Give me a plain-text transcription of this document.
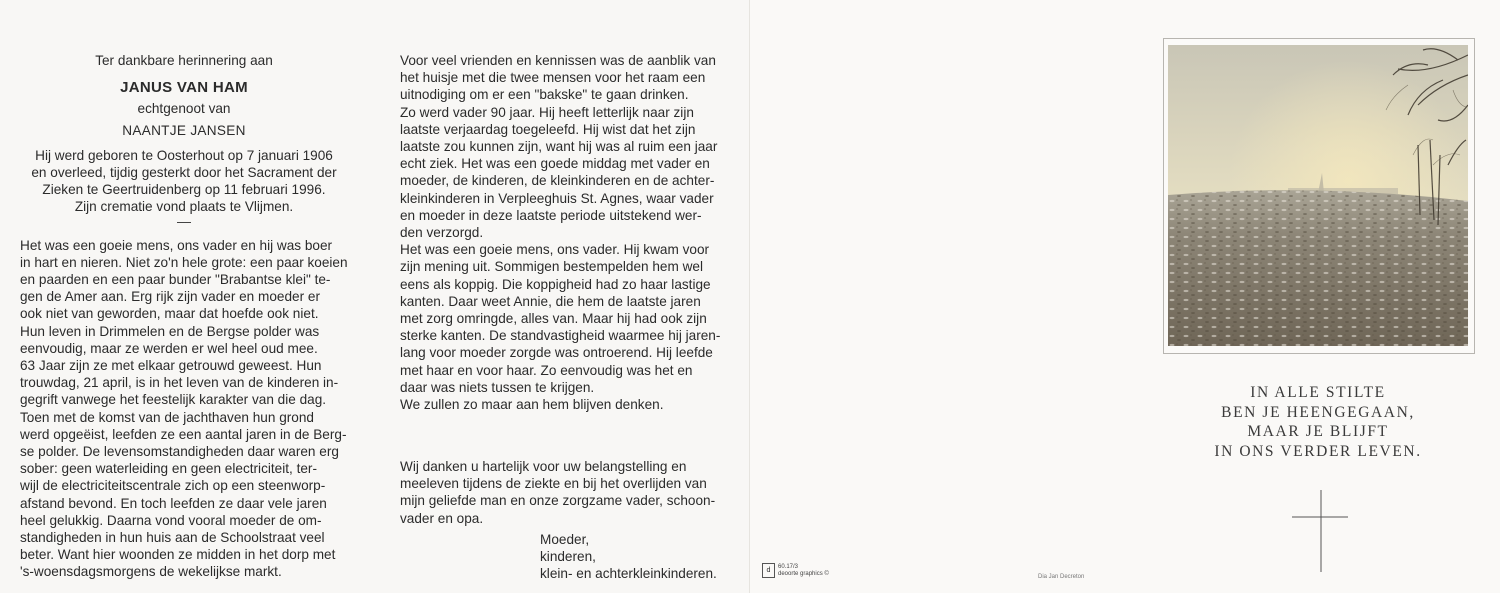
Ter dankbare herinnering aan

JANUS VAN HAM

echtgenoot van

NAANTJE JANSEN

Hij werd geboren te Oosterhout op 7 januari 1906

en overleed, tijdig gesterkt door het Sacrament der

Zieken te Geertruidenberg op 11 februari 1996.

Zijn crematie vond plaats te Vlijmen.

Het was een goeie mens, ons vader en hij was boer

in hart en nieren. Niet zo'n hele grote: een paar koeien

en paarden en een paar bunder "Brabantse klei" te-

gen de Amer aan. Erg rijk zijn vader en moeder er

ook niet van geworden, maar dat hoefde ook niet.

Hun leven in Drimmelen en de Bergse polder was

eenvoudig, maar ze werden er wel heel oud mee.

63 Jaar zijn ze met elkaar getrouwd geweest. Hun

trouwdag, 21 april, is in het leven van de kinderen in-

gegrift vanwege het feestelijk karakter van die dag.

Toen met de komst van de jachthaven hun grond

werd opgeëist, leefden ze een aantal jaren in de Berg-

se polder. De levensomstandigheden daar waren erg

sober: geen waterleiding en geen electriciteit, ter-

wijl de electriciteitscentrale zich op een steenworp-

afstand bevond. En toch leefden ze daar vele jaren

heel gelukkig. Daarna vond vooral moeder de om-

standigheden in hun huis aan de Schoolstraat veel

beter. Want hier woonden ze midden in het dorp met

's-woensdagsmorgens de wekelijkse markt.

Voor veel vrienden en kennissen was de aanblik van

het huisje met die twee mensen voor het raam een

uitnodiging om er een "bakske" te gaan drinken.

Zo werd vader 90 jaar. Hij heeft letterlijk naar zijn

laatste verjaardag toegeleefd. Hij wist dat het zijn

laatste zou kunnen zijn, want hij was al ruim een jaar

echt ziek. Het was een goede middag met vader en

moeder, de kinderen, de kleinkinderen en de achter-

kleinkinderen in Verpleeghuis St. Agnes, waar vader

en moeder in deze laatste periode uitstekend wer-

den verzorgd.

Het was een goeie mens, ons vader. Hij kwam voor

zijn mening uit. Sommigen bestempelden hem wel

eens als koppig. Die koppigheid had zo haar lastige

kanten. Daar weet Annie, die hem de laatste jaren

met zorg omringde, alles van. Maar hij had ook zijn

sterke kanten. De standvastigheid waarmee hij jaren-

lang voor moeder zorgde was ontroerend. Hij leefde

met haar en voor haar. Zo eenvoudig was het en

daar was niets tussen te krijgen.

We zullen zo maar aan hem blijven denken.

Wij danken u hartelijk voor uw belangstelling en

meeleven tijdens de ziekte en bij het overlijden van

mijn geliefde man en onze zorgzame vader, schoon-

vader en opa.

Moeder,
kinderen,
klein- en achterkleinkinderen.	d	60.17/3
deoorte graphics ©
IN ALLE STILTE
BEN JE HEENGEGAAN,
MAAR JE BLIJFT
IN ONS VERDER LEVEN.
Dia Jan Decreton
